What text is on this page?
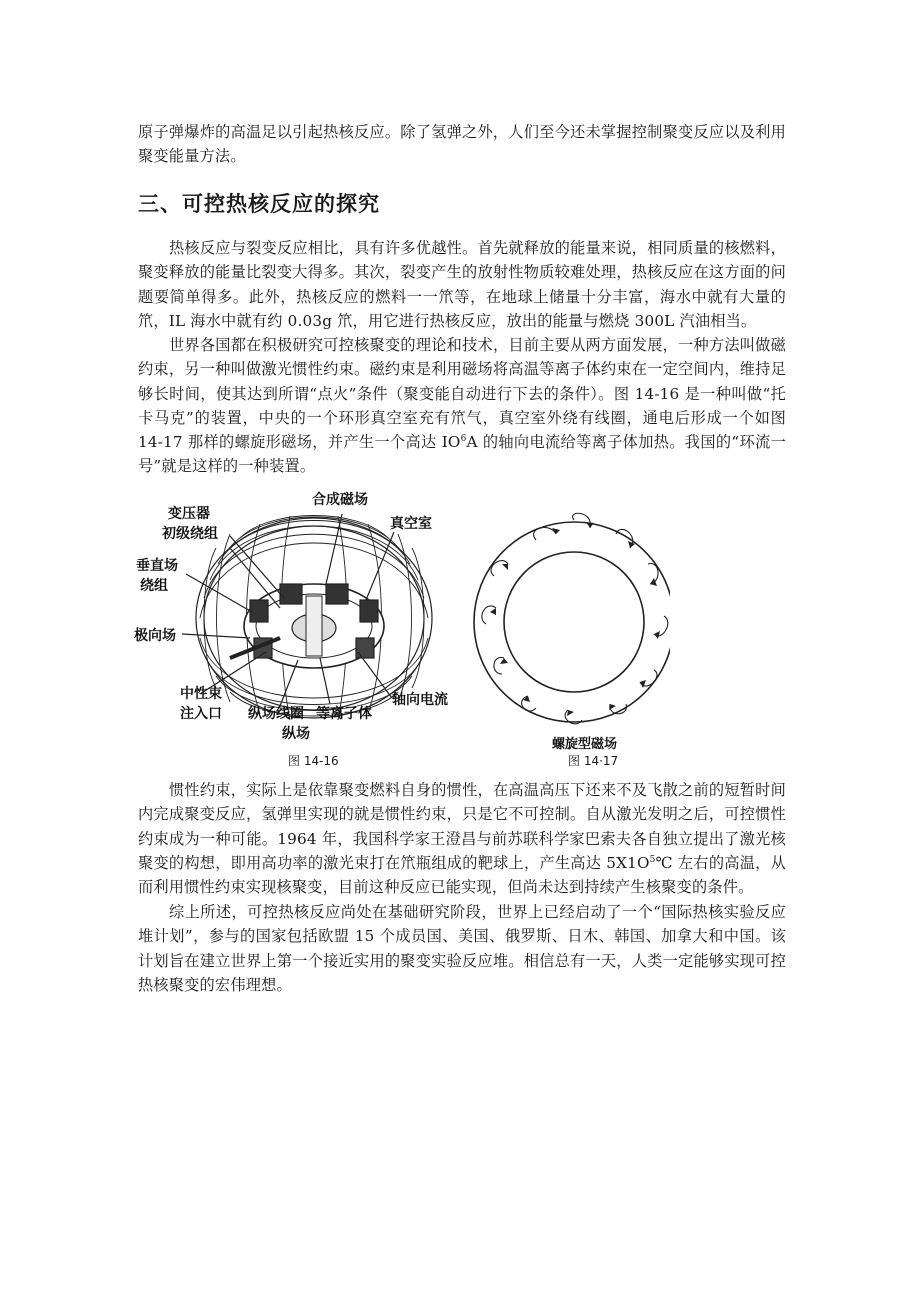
原子弹爆炸的高温足以引起热核反应。除了氢弹之外，人们至今还未掌握控制聚变反应以及利用聚变能量方法。

三、可控热核反应的探究

热核反应与裂变反应相比，具有许多优越性。首先就释放的能量来说，相同质量的核燃料，聚变释放的能量比裂变大得多。其次，裂变产生的放射性物质较难处理，热核反应在这方面的问题要简单得多。此外，热核反应的燃料一一笊等，在地球上储量十分丰富，海水中就有大量的笊，IL 海水中就有约 0.03g 笊，用它进行热核反应，放出的能量与燃烧 300L 汽油相当。

世界各国都在积极研究可控核聚变的理论和技术，目前主要从两方面发展，一种方法叫做磁约束，另一种叫做激光惯性约束。磁约束是利用磁场将高温等离子体约束在一定空间内，维持足够长时间，使其达到所谓“点火”条件（聚变能自动进行下去的条件）。图 14-16 是一种叫做“托卡马克”的装置，中央的一个环形真空室充有笊气，真空室外绕有线圈，通电后形成一个如图 14-17 那样的螺旋形磁场，并产生一个高达 $IO^6A$ 的轴向电流给等离子体加热。我国的“环流一号”就是这样的一种装置。

变压器
初级绕组
合成磁场
真空室
垂直场
绕组
极向场
中性束
注入口 纵场线圈 等离子体
轴向电流
纵场
图 14-16
螺旋型磁场
图 14·17

惯性约束，实际上是依靠聚变燃料自身的惯性，在高温高压下还来不及飞散之前的短暂时间内完成聚变反应，氢弹里实现的就是惯性约束，只是它不可控制。自从激光发明之后，可控惯性约束成为一种可能。1964 年，我国科学家王澄昌与前苏联科学家巴索夫各自独立提出了激光核聚变的构想，即用高功率的激光束打在笊瓶组成的靶球上，产生高达 $5X1O^5℃$ 左右的高温，从而利用惯性约束实现核聚变，目前这种反应已能实现，但尚未达到持续产生核聚变的条件。

综上所述，可控热核反应尚处在基础研究阶段，世界上已经启动了一个“国际热核实验反应堆计划”，参与的国家包括欧盟 15 个成员国、美国、俄罗斯、日木、韩国、加拿大和中国。该计划旨在建立世界上第一个接近实用的聚变实验反应堆。相信总有一天，人类一定能够实现可控热核聚变的宏伟理想。
